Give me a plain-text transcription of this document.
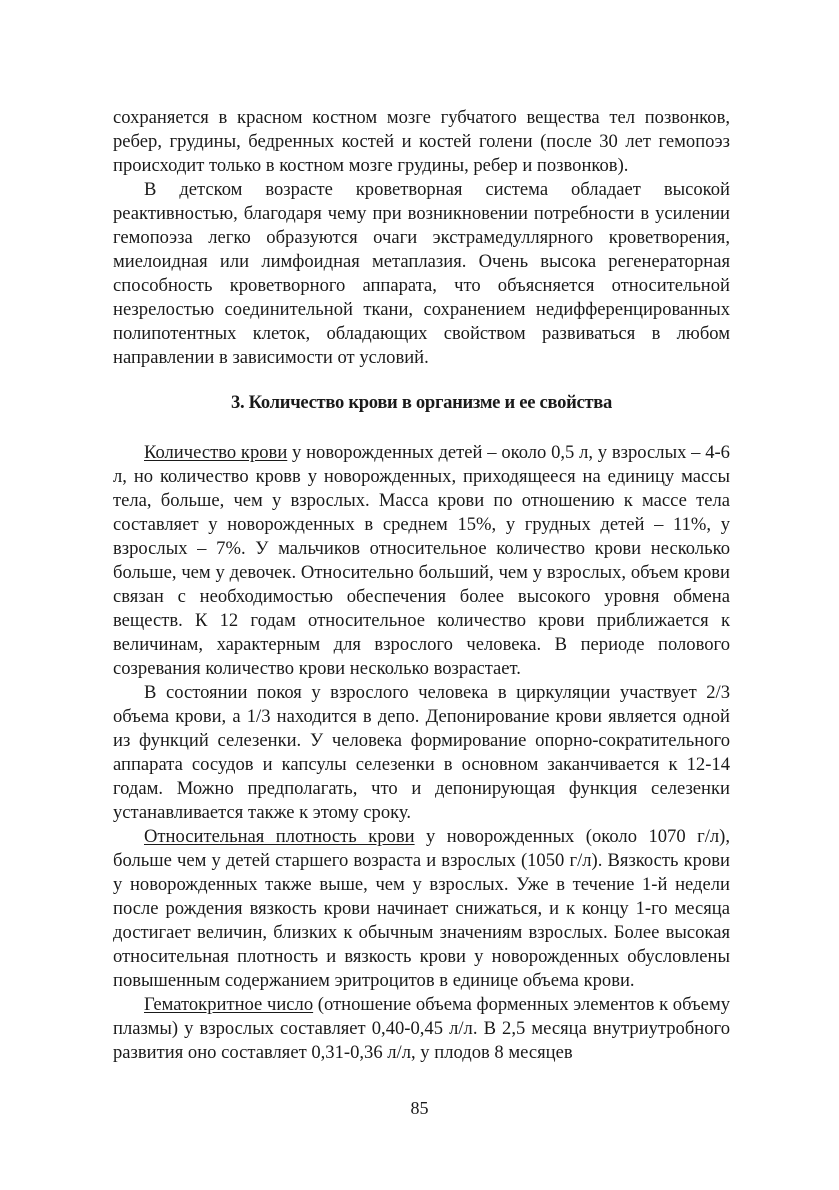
сохраняется в красном костном мозге губчатого вещества тел позвонков, ребер, грудины, бедренных костей и костей голени (после 30 лет гемопоэз происходит только в костном мозге грудины, ребер и позвонков).

В детском возрасте кроветворная система обладает высокой реактивностью, благодаря чему при возникновении потребности в усилении гемопоэза легко образуются очаги экстрамедуллярного кроветворения, миелоидная или лимфоидная метаплазия. Очень высока регенераторная способность кроветворного аппарата, что объясняется относительной незрелостью соединительной ткани, сохранением недифференцированных полипотентных клеток, обладающих свойством развиваться в любом направлении в зависимости от условий.

3. Количество крови в организме и ее свойства

Количество крови у новорожденных детей – около 0,5 л, у взрослых – 4-6 л, но количество кровв у новорожденных, приходящееся на единицу массы тела, больше, чем у взрослых. Масса крови по отношению к массе тела составляет у новорожденных в среднем 15%, у грудных детей – 11%, у взрослых – 7%. У мальчиков относительное количество крови несколько больше, чем у девочек. Относительно больший, чем у взрослых, объем крови связан с необходимостью обеспечения более высокого уровня обмена веществ. К 12 годам относительное количество крови приближается к величинам, характерным для взрослого человека. В периоде полового созревания количество крови несколько возрастает.

В состоянии покоя у взрослого человека в циркуляции участвует 2/3 объема крови, а 1/3 находится в депо. Депонирование крови является одной из функций селезенки. У человека формирование опорно-сократительного аппарата сосудов и капсулы селезенки в основном заканчивается к 12-14 годам. Можно предполагать, что и депонирующая функция селезенки устанавливается также к этому сроку.

Относительная плотность крови у новорожденных (около 1070 г/л), больше чем у детей старшего возраста и взрослых (1050 г/л). Вязкость крови у новорожденных также выше, чем у взрослых. Уже в течение 1-й недели после рождения вязкость крови начинает снижаться, и к концу 1-го месяца достигает величин, близких к обычным значениям взрослых. Более высокая относительная плотность и вязкость крови у новорожденных обусловлены повышенным содержанием эритроцитов в единице объема крови.

Гематокритное число (отношение объема форменных элементов к объему плазмы) у взрослых составляет 0,40-0,45 л/л. В 2,5 месяца внутриутробного развития оно составляет 0,31-0,36 л/л, у плодов 8 месяцев

85
